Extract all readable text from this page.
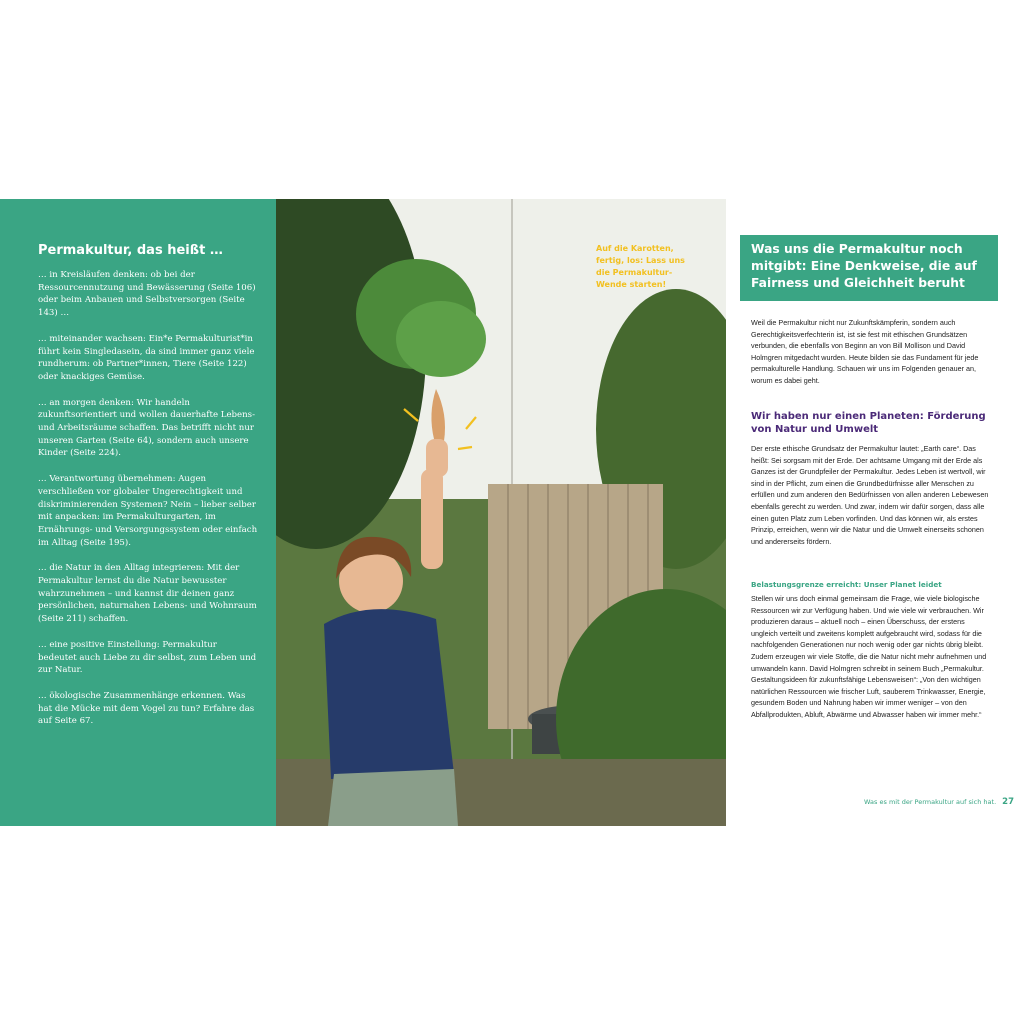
Permakultur, das heißt …

… in Kreisläufen denken: ob bei der Ressourcennutzung und Bewässerung (Seite 106) oder beim Anbauen und Selbstversorgen (Seite 143) …

… miteinander wachsen: Ein*e Permakulturist*in führt kein Singledasein, da sind immer ganz viele rundherum: ob Partner*innen, Tiere (Seite 122) oder knackiges Gemüse.

… an morgen denken: Wir handeln zukunftsorientiert und wollen dauerhafte Lebens- und Arbeitsräume schaffen. Das betrifft nicht nur unseren Garten (Seite 64), sondern auch unsere Kinder (Seite 224).

… Verantwortung übernehmen: Augen verschließen vor globaler Ungerechtigkeit und diskriminierenden Systemen? Nein – lieber selber mit anpacken: im Permakulturgarten, im Ernährungs- und Versorgungssystem oder einfach im Alltag (Seite 195).

… die Natur in den Alltag integrieren: Mit der Permakultur lernst du die Natur bewusster wahrzunehmen – und kannst dir deinen ganz persönlichen, naturnahen Lebens- und Wohnraum (Seite 211) schaffen.

… eine positive Einstellung: Permakultur bedeutet auch Liebe zu dir selbst, zum Leben und zur Natur.

… ökologische Zusammenhänge erkennen. Was hat die Mücke mit dem Vogel zu tun? Erfahre das auf Seite 67.

Auf die Karotten, fertig, los: Lass uns die Permakultur-Wende starten!
Was uns die Permakultur noch mitgibt: Eine Denkweise, die auf Fairness und Gleichheit beruht

Weil die Permakultur nicht nur Zukunftskämpferin, sondern auch Gerechtigkeitsverfechterin ist, ist sie fest mit ethischen Grundsätzen verbunden, die ebenfalls von Beginn an von Bill Mollison und David Holmgren mitgedacht wurden. Heute bilden sie das Fundament für jede permakulturelle Handlung. Schauen wir uns im Folgenden genauer an, worum es dabei geht.

Wir haben nur einen Planeten: Förderung von Natur und Umwelt

Der erste ethische Grundsatz der Permakultur lautet: „Earth care“. Das heißt: Sei sorgsam mit der Erde. Der achtsame Umgang mit der Erde als Ganzes ist der Grundpfeiler der Permakultur. Jedes Leben ist wertvoll, wir sind in der Pflicht, zum einen die Grundbedürfnisse aller Menschen zu erfüllen und zum anderen den Bedürfnissen von allen anderen Lebewesen ebenfalls gerecht zu werden. Und zwar, indem wir dafür sorgen, dass alle einen guten Platz zum Leben vorfinden. Und das können wir, als erstes Prinzip, erreichen, wenn wir die Natur und die Umwelt einerseits schonen und andererseits fördern.

Belastungsgrenze erreicht: Unser Planet leidet

Stellen wir uns doch einmal gemeinsam die Frage, wie viele biologische Ressourcen wir zur Verfügung haben. Und wie viele wir verbrauchen. Wir produzieren daraus – aktuell noch – einen Überschuss, der erstens ungleich verteilt und zweitens komplett aufgebraucht wird, sodass für die nachfolgenden Generationen nur noch wenig oder gar nichts übrig bleibt. Zudem erzeugen wir viele Stoffe, die die Natur nicht mehr aufnehmen und umwandeln kann. David Holmgren schreibt in seinem Buch „Permakultur. Gestaltungsideen für zukunftsfähige Lebensweisen“: „Von den wichtigen natürlichen Ressourcen wie frischer Luft, sauberem Trinkwasser, Energie, gesundem Boden und Nahrung haben wir immer weniger – von den Abfallprodukten, Abluft, Abwärme und Abwasser haben wir immer mehr.“

Was es mit der Permakultur auf sich hat. 27
